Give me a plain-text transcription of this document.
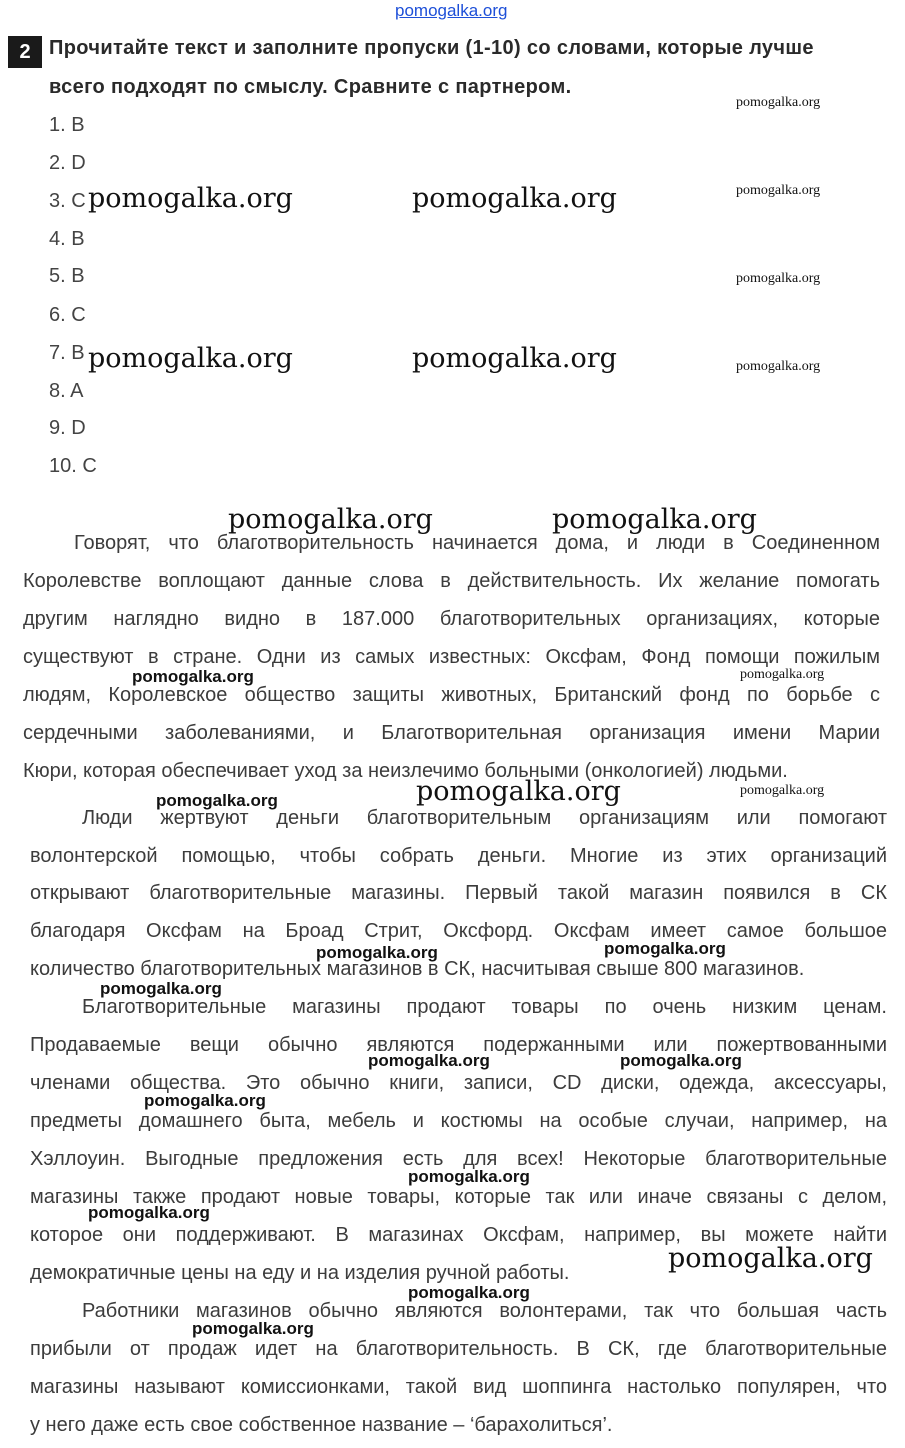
pomogalka.org
2 Прочитайте текст и заполните пропуски (1-10) со словами, которые лучше
всего подходят по смыслу. Сравните с партнером.
1. B
2. D
3. C
4. B
5. B
6. C
7. B
8. A
9. D
10. C
Говорят, что благотворительность начинается дома, и люди в Соединенном
Королевстве воплощают данные слова в действительность. Их желание помогать
другим наглядно видно в 187.000 благотворительных организациях, которые
существуют в стране. Одни из самых известных: Оксфам, Фонд помощи пожилым
людям, Королевское общество защиты животных, Британский фонд по борьбе с
сердечными заболеваниями, и Благотворительная организация имени Марии
Кюри, которая обеспечивает уход за неизлечимо больными (онкологией) людьми.
Люди жертвуют деньги благотворительным организациям или помогают
волонтерской помощью, чтобы собрать деньги. Многие из этих организаций
открывают благотворительные магазины. Первый такой магазин появился в СК
благодаря Оксфам на Броад Стрит, Оксфорд. Оксфам имеет самое большое
количество благотворительных магазинов в СК, насчитывая свыше 800 магазинов.
Благотворительные магазины продают товары по очень низким ценам.
Продаваемые вещи обычно являются подержанными или пожертвованными
членами общества. Это обычно книги, записи, CD диски, одежда, аксессуары,
предметы домашнего быта, мебель и костюмы на особые случаи, например, на
Хэллоуин. Выгодные предложения есть для всех! Некоторые благотворительные
магазины также продают новые товары, которые так или иначе связаны с делом,
которое они поддерживают. В магазинах Оксфам, например, вы можете найти
демократичные цены на еду и на изделия ручной работы.
Работники магазинов обычно являются волонтерами, так что большая часть
прибыли от продаж идет на благотворительность. В СК, где благотворительные
магазины называют комиссионками, такой вид шоппинга настолько популярен, что
у него даже есть свое собственное название – ‘барахолиться’.
pomogalka.org
pomogalka.org
pomogalka.org
pomogalka.org
pomogalka.org	pomogalka.org
pomogalka.org	pomogalka.org
pomogalka.org	pomogalka.org
pomogalka.org	pomogalka.org
pomogalka.org	pomogalka.org
pomogalka.org
pomogalka.org
pomogalka.org
pomogalka.org
pomogalka.org	pomogalka.org
pomogalka.org
pomogalka.org
pomogalka.org
pomogalka.org
pomogalka.org
pomogalka.org
